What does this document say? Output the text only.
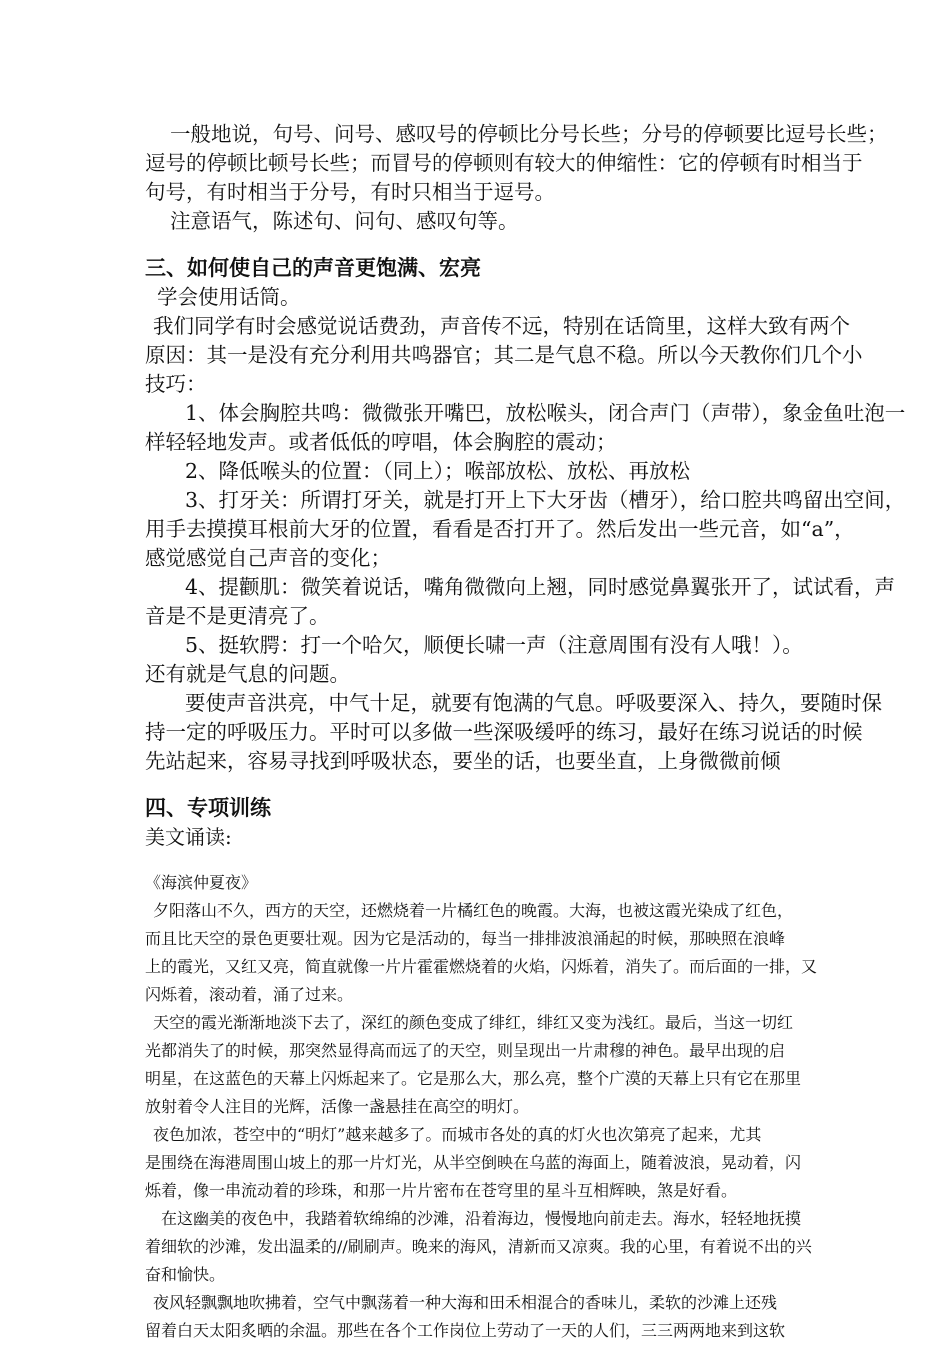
一般地说，句号、问号、感叹号的停顿比分号长些；分号的停顿要比逗号长些；
逗号的停顿比顿号长些；而冒号的停顿则有较大的伸缩性：它的停顿有时相当于
句号，有时相当于分号，有时只相当于逗号。
注意语气，陈述句、问句、感叹句等。
三、如何使自己的声音更饱满、宏亮
学会使用话筒。
我们同学有时会感觉说话费劲，声音传不远，特别在话筒里，这样大致有两个
原因：其一是没有充分利用共鸣器官；其二是气息不稳。所以今天教你们几个小
技巧：
1、体会胸腔共鸣：微微张开嘴巴，放松喉头，闭合声门（声带），象金鱼吐泡一
样轻轻地发声。或者低低的哼唱，体会胸腔的震动；
2、降低喉头的位置：（同上）；喉部放松、放松、再放松
3、打牙关：所谓打牙关，就是打开上下大牙齿（槽牙），给口腔共鸣留出空间，
用手去摸摸耳根前大牙的位置，看看是否打开了。然后发出一些元音，如“a”，
感觉感觉自己声音的变化；
4、提颧肌：微笑着说话，嘴角微微向上翘，同时感觉鼻翼张开了，试试看，声
音是不是更清亮了。
5、挺软腭：打一个哈欠，顺便长啸一声（注意周围有没有人哦！）。
还有就是气息的问题。
要使声音洪亮，中气十足，就要有饱满的气息。呼吸要深入、持久，要随时保
持一定的呼吸压力。平时可以多做一些深吸缓呼的练习，最好在练习说话的时候
先站起来，容易寻找到呼吸状态，要坐的话，也要坐直，上身微微前倾
四、专项训练

美文诵读:

《海滨仲夏夜》
夕阳落山不久，西方的天空，还燃烧着一片橘红色的晚霞。大海，也被这霞光染成了红色，
而且比天空的景色更要壮观。因为它是活动的，每当一排排波浪涌起的时候，那映照在浪峰
上的霞光，又红又亮，简直就像一片片霍霍燃烧着的火焰，闪烁着，消失了。而后面的一排，又
闪烁着，滚动着，涌了过来。
天空的霞光渐渐地淡下去了，深红的颜色变成了绯红，绯红又变为浅红。最后，当这一切红
光都消失了的时候，那突然显得高而远了的天空，则呈现出一片肃穆的神色。最早出现的启
明星，在这蓝色的天幕上闪烁起来了。它是那么大，那么亮，整个广漠的天幕上只有它在那里
放射着令人注目的光辉，活像一盏悬挂在高空的明灯。
夜色加浓，苍空中的“明灯”越来越多了。而城市各处的真的灯火也次第亮了起来，尤其
是围绕在海港周围山坡上的那一片灯光，从半空倒映在乌蓝的海面上，随着波浪，晃动着，闪
烁着，像一串流动着的珍珠，和那一片片密布在苍穹里的星斗互相辉映，煞是好看。
在这幽美的夜色中，我踏着软绵绵的沙滩，沿着海边，慢慢地向前走去。海水，轻轻地抚摸
着细软的沙滩，发出温柔的//刷刷声。晚来的海风，清新而又凉爽。我的心里，有着说不出的兴
奋和愉快。
夜风轻飘飘地吹拂着，空气中飘荡着一种大海和田禾相混合的香味儿，柔软的沙滩上还残
留着白天太阳炙晒的余温。那些在各个工作岗位上劳动了一天的人们，三三两两地来到这软
